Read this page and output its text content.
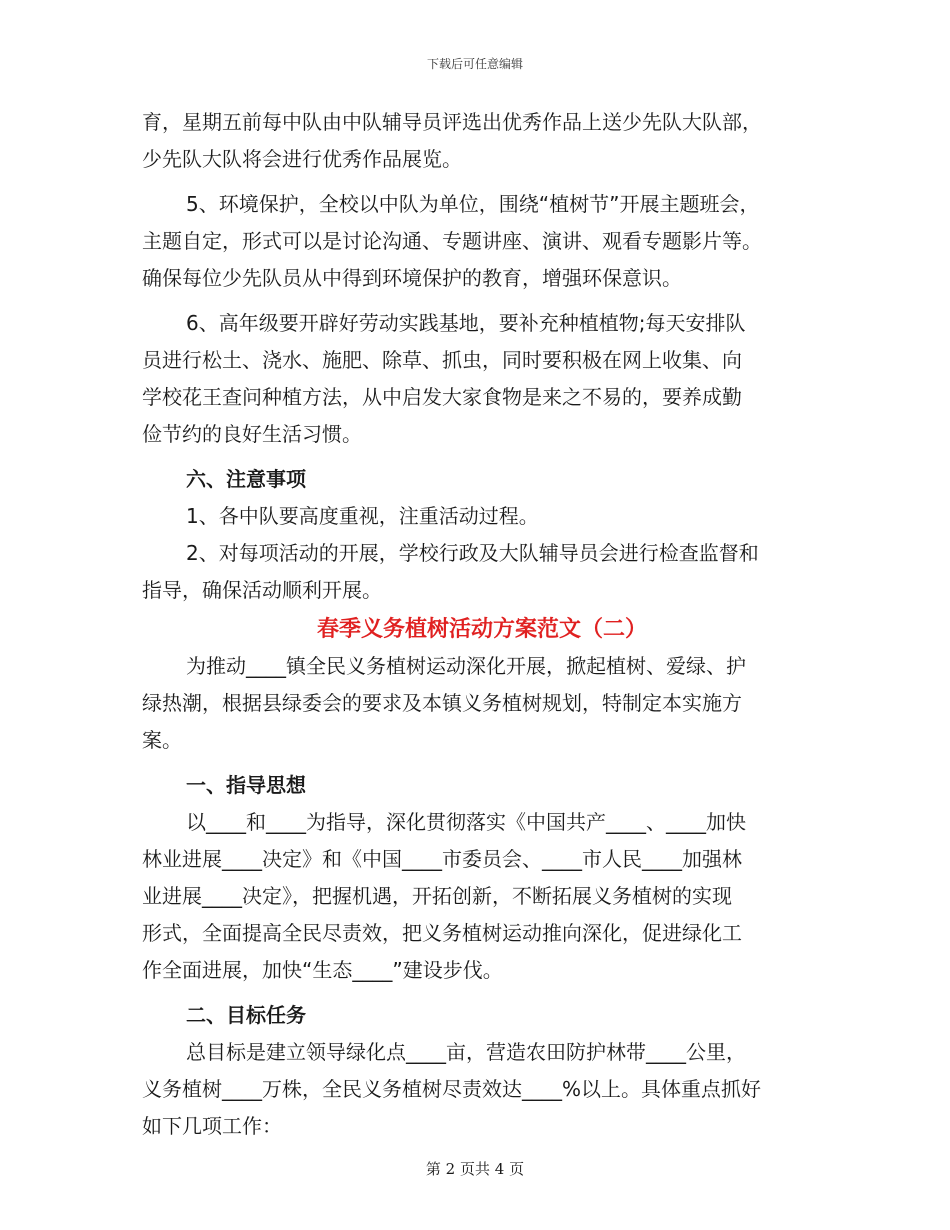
下载后可任意编辑

育，星期五前每中队由中队辅导员评选出优秀作品上送少先队大队部，

少先队大队将会进行优秀作品展览。

5、环境保护，全校以中队为单位，围绕“植树节”开展主题班会，

主题自定，形式可以是讨论沟通、专题讲座、演讲、观看专题影片等。

确保每位少先队员从中得到环境保护的教育，增强环保意识。

6、高年级要开辟好劳动实践基地，要补充种植植物;每天安排队

员进行松土、浇水、施肥、除草、抓虫，同时要积极在网上收集、向

学校花王查问种植方法，从中启发大家食物是来之不易的，要养成勤

俭节约的良好生活习惯。

六、注意事项

1、各中队要高度重视，注重活动过程。

2、对每项活动的开展，学校行政及大队辅导员会进行检查监督和

指导，确保活动顺利开展。

春季义务植树活动方案范文（二）

为推动____镇全民义务植树运动深化开展，掀起植树、爱绿、护

绿热潮，根据县绿委会的要求及本镇义务植树规划，特制定本实施方

案。

一、指导思想

以____和____为指导，深化贯彻落实《中国共产____、____加快

林业进展____决定》和《中国____市委员会、____市人民____加强林

业进展____决定》，把握机遇，开拓创新，不断拓展义务植树的实现

形式，全面提高全民尽责效，把义务植树运动推向深化，促进绿化工

作全面进展，加快“生态____”建设步伐。

二、目标任务

总目标是建立领导绿化点____亩，营造农田防护林带____公里，

义务植树____万株，全民义务植树尽责效达____%以上。具体重点抓好

如下几项工作：

第 2 页共 4 页
